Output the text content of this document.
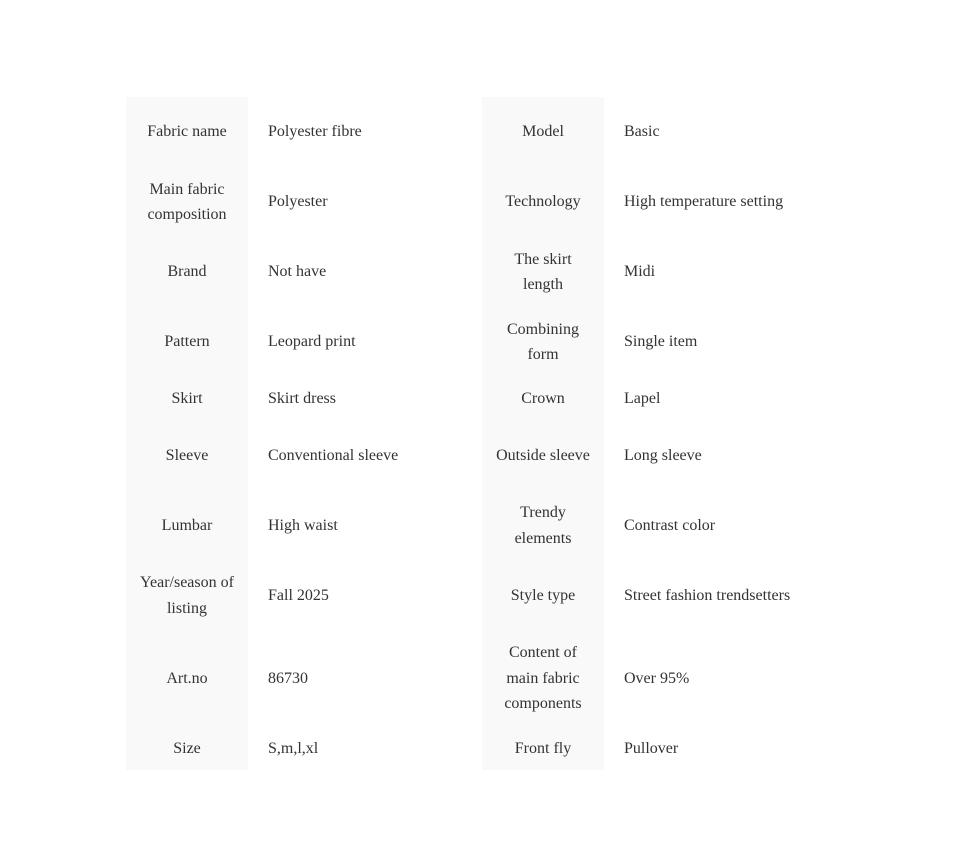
Fabric name	Polyester fibre	Model	Basic
Main fabric composition	Polyester	Technology	High temperature setting
Brand	Not have	The skirt length	Midi
Pattern	Leopard print	Combining form	Single item
Skirt	Skirt dress	Crown	Lapel
Sleeve	Conventional sleeve	Outside sleeve	Long sleeve
Lumbar	High waist	Trendy elements	Contrast color
Year/season of listing	Fall 2025	Style type	Street fashion trendsetters
Art.no	86730	Content of main fabric components	Over 95%
Size	S,m,l,xl	Front fly	Pullover
